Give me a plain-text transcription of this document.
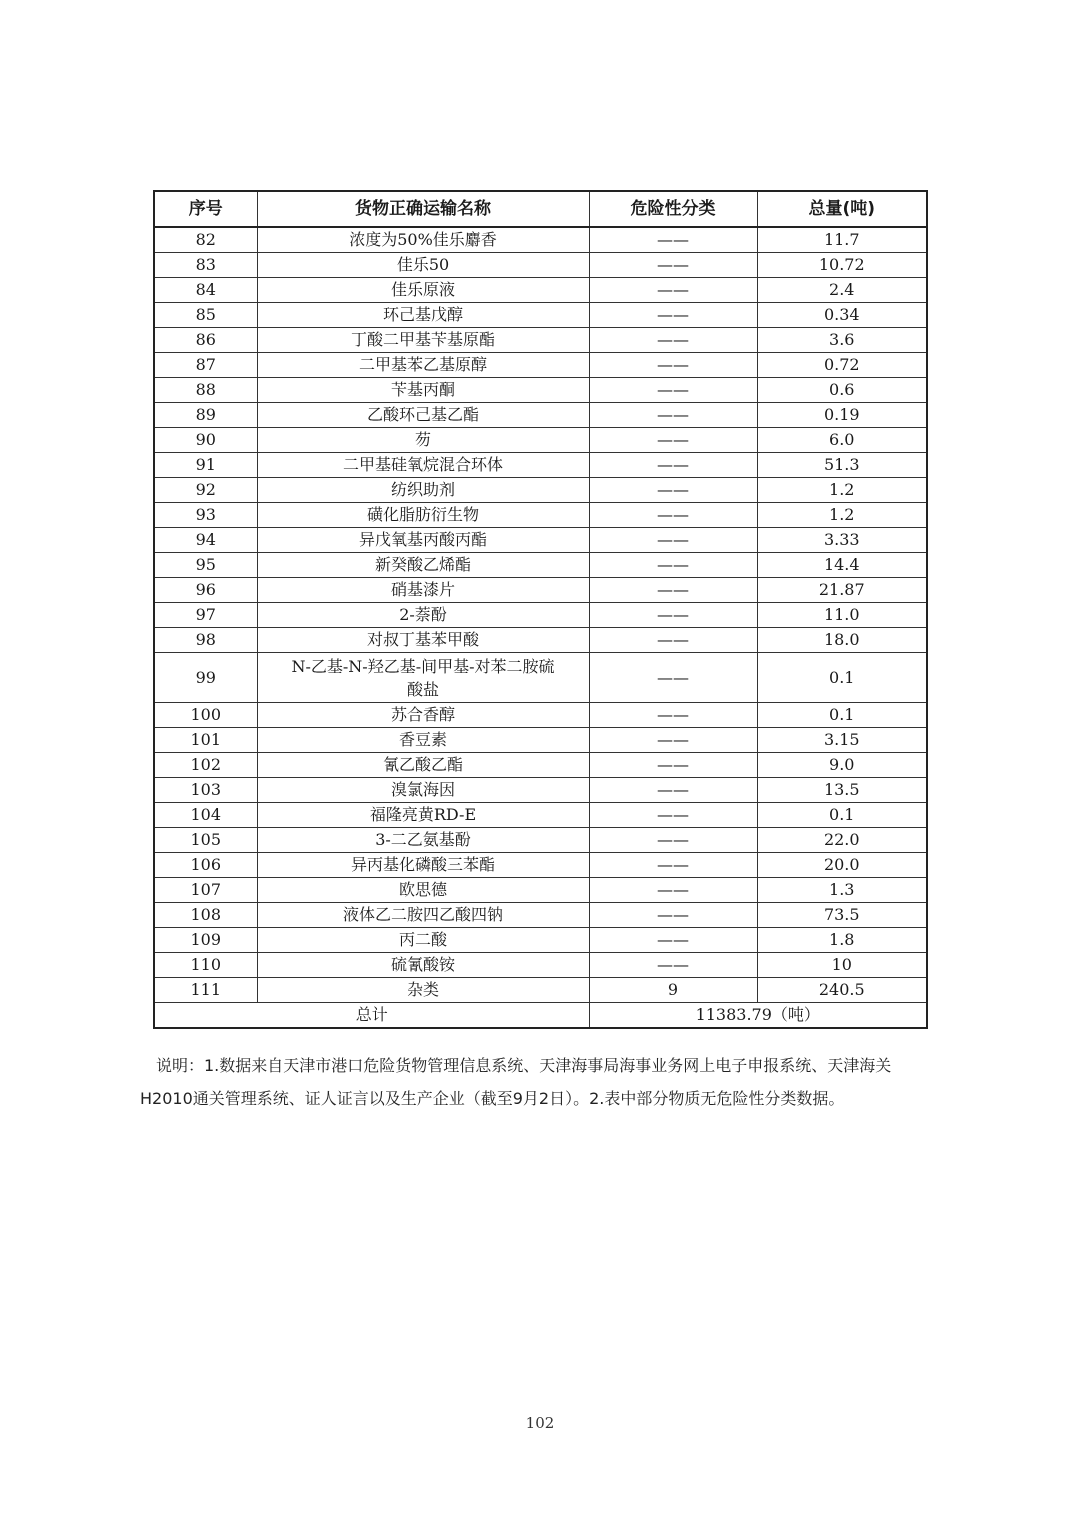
序号	货物正确运输名称	危险性分类	总量(吨)
82	浓度为50%佳乐麝香	——	11.7
83	佳乐50	——	10.72
84	佳乐原液	——	2.4
85	环己基戊醇	——	0.34
86	丁酸二甲基苄基原酯	——	3.6
87	二甲基苯乙基原醇	——	0.72
88	苄基丙酮	——	0.6
89	乙酸环己基乙酯	——	0.19
90	芴	——	6.0
91	二甲基硅氧烷混合环体	——	51.3
92	纺织助剂	——	1.2
93	磺化脂肪衍生物	——	1.2
94	异戊氧基丙酸丙酯	——	3.33
95	新癸酸乙烯酯	——	14.4
96	硝基漆片	——	21.87
97	2-萘酚	——	11.0
98	对叔丁基苯甲酸	——	18.0
99	N-乙基-N-羟乙基-间甲基-对苯二胺硫
酸盐	——	0.1
100	苏合香醇	——	0.1
101	香豆素	——	3.15
102	氰乙酸乙酯	——	9.0
103	溴氯海因	——	13.5
104	福隆亮黄RD-E	——	0.1
105	3-二乙氨基酚	——	22.0
106	异丙基化磷酸三苯酯	——	20.0
107	欧思德	——	1.3
108	液体乙二胺四乙酸四钠	——	73.5
109	丙二酸	——	1.8
110	硫氰酸铵	——	10
111	杂类	9	240.5
总计		11383.79（吨）	
说明：1.数据来自天津市港口危险货物管理信息系统、天津海事局海事业务网上电子申报系统、天津海关H2010通关管理系统、证人证言以及生产企业（截至9月2日）。2.表中部分物质无危险性分类数据。
102
